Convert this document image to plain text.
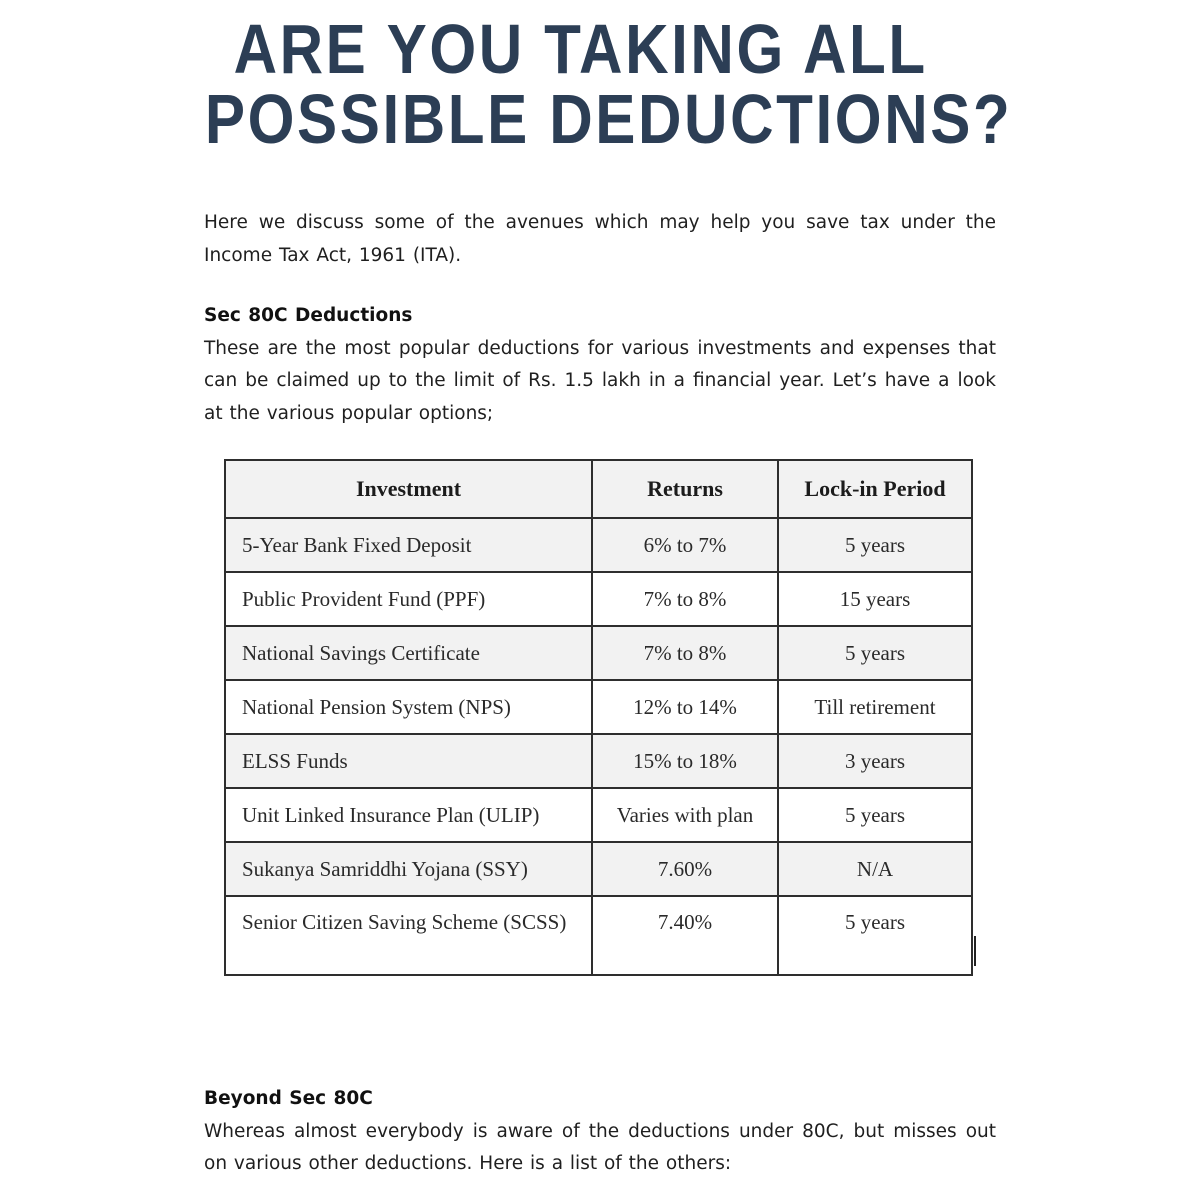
ARE YOU TAKING ALL
POSSIBLE DEDUCTIONS?

Here we discuss some of the avenues which may help you save tax under the Income Tax Act, 1961 (ITA).

Sec 80C Deductions

These are the most popular deductions for various investments and expenses that can be claimed up to the limit of Rs. 1.5 lakh in a financial year. Let’s have a look at the various popular options;

Investment	Returns	Lock-in Period
5-Year Bank Fixed Deposit	6% to 7%	5 years
Public Provident Fund (PPF)	7% to 8%	15 years
National Savings Certificate	7% to 8%	5 years
National Pension System (NPS)	12% to 14%	Till retirement
ELSS Funds	15% to 18%	3 years
Unit Linked Insurance Plan (ULIP)	Varies with plan	5 years
Sukanya Samriddhi Yojana (SSY)	7.60%	N/A
Senior Citizen Saving Scheme (SCSS)	7.40%	5 years
Beyond Sec 80C

Whereas almost everybody is aware of the deductions under 80C, but misses out on various other deductions. Here is a list of the others:
